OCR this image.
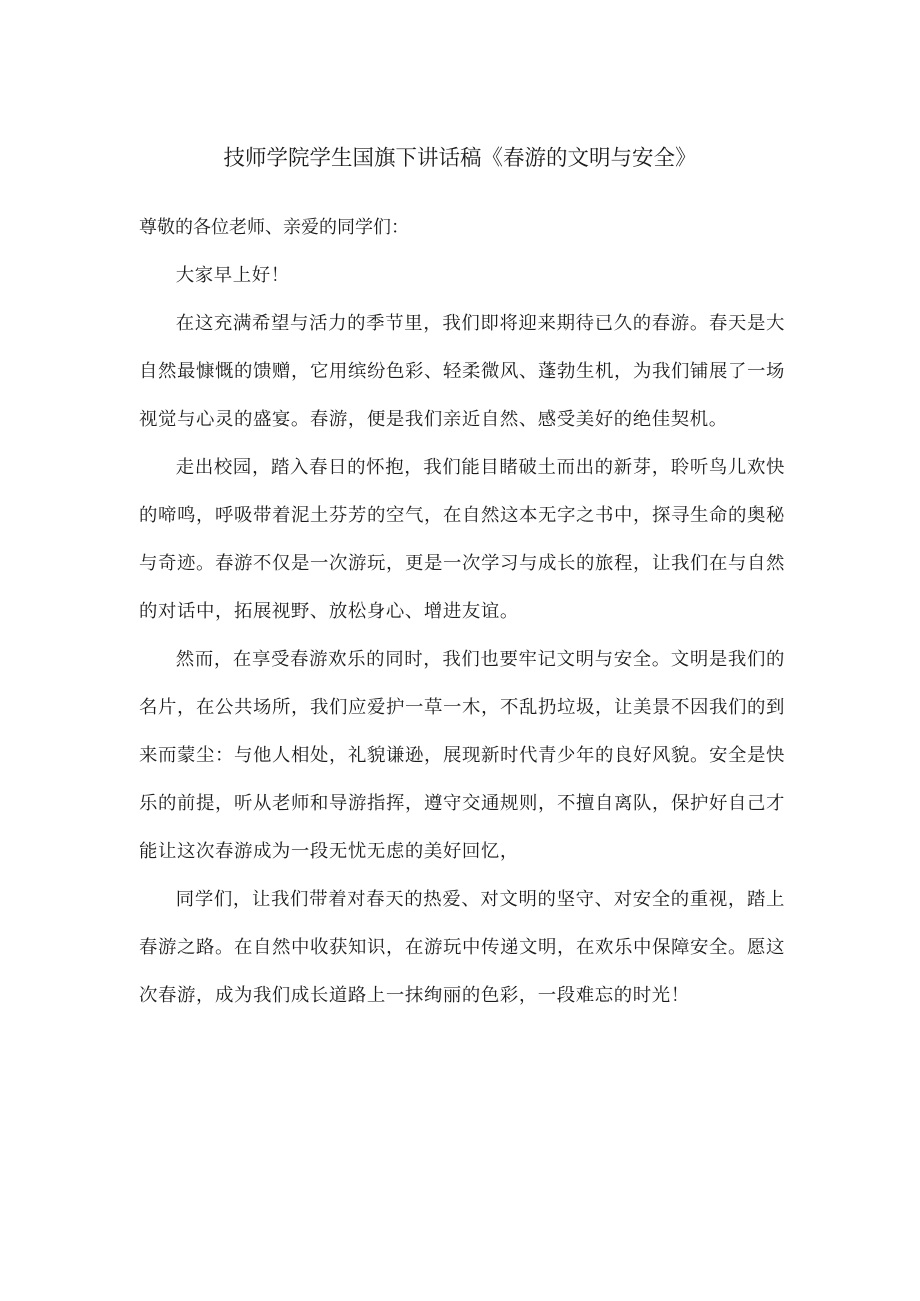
技师学院学生国旗下讲话稿《春游的文明与安全》

尊敬的各位老师、亲爱的同学们：

大家早上好！

在这充满希望与活力的季节里，我们即将迎来期待已久的春游。春天是大自然最慷慨的馈赠，它用缤纷色彩、轻柔微风、蓬勃生机，为我们铺展了一场视觉与心灵的盛宴。春游，便是我们亲近自然、感受美好的绝佳契机。

走出校园，踏入春日的怀抱，我们能目睹破土而出的新芽，聆听鸟儿欢快的啼鸣，呼吸带着泥土芬芳的空气，在自然这本无字之书中，探寻生命的奥秘与奇迹。春游不仅是一次游玩，更是一次学习与成长的旅程，让我们在与自然的对话中，拓展视野、放松身心、增进友谊。

然而，在享受春游欢乐的同时，我们也要牢记文明与安全。文明是我们的名片，在公共场所，我们应爱护一草一木，不乱扔垃圾，让美景不因我们的到来而蒙尘：与他人相处，礼貌谦逊，展现新时代青少年的良好风貌。安全是快乐的前提，听从老师和导游指挥，遵守交通规则，不擅自离队，保护好自己才能让这次春游成为一段无忧无虑的美好回忆，

同学们，让我们带着对春天的热爱、对文明的坚守、对安全的重视，踏上春游之路。在自然中收获知识，在游玩中传递文明，在欢乐中保障安全。愿这次春游，成为我们成长道路上一抹绚丽的色彩，一段难忘的时光！
